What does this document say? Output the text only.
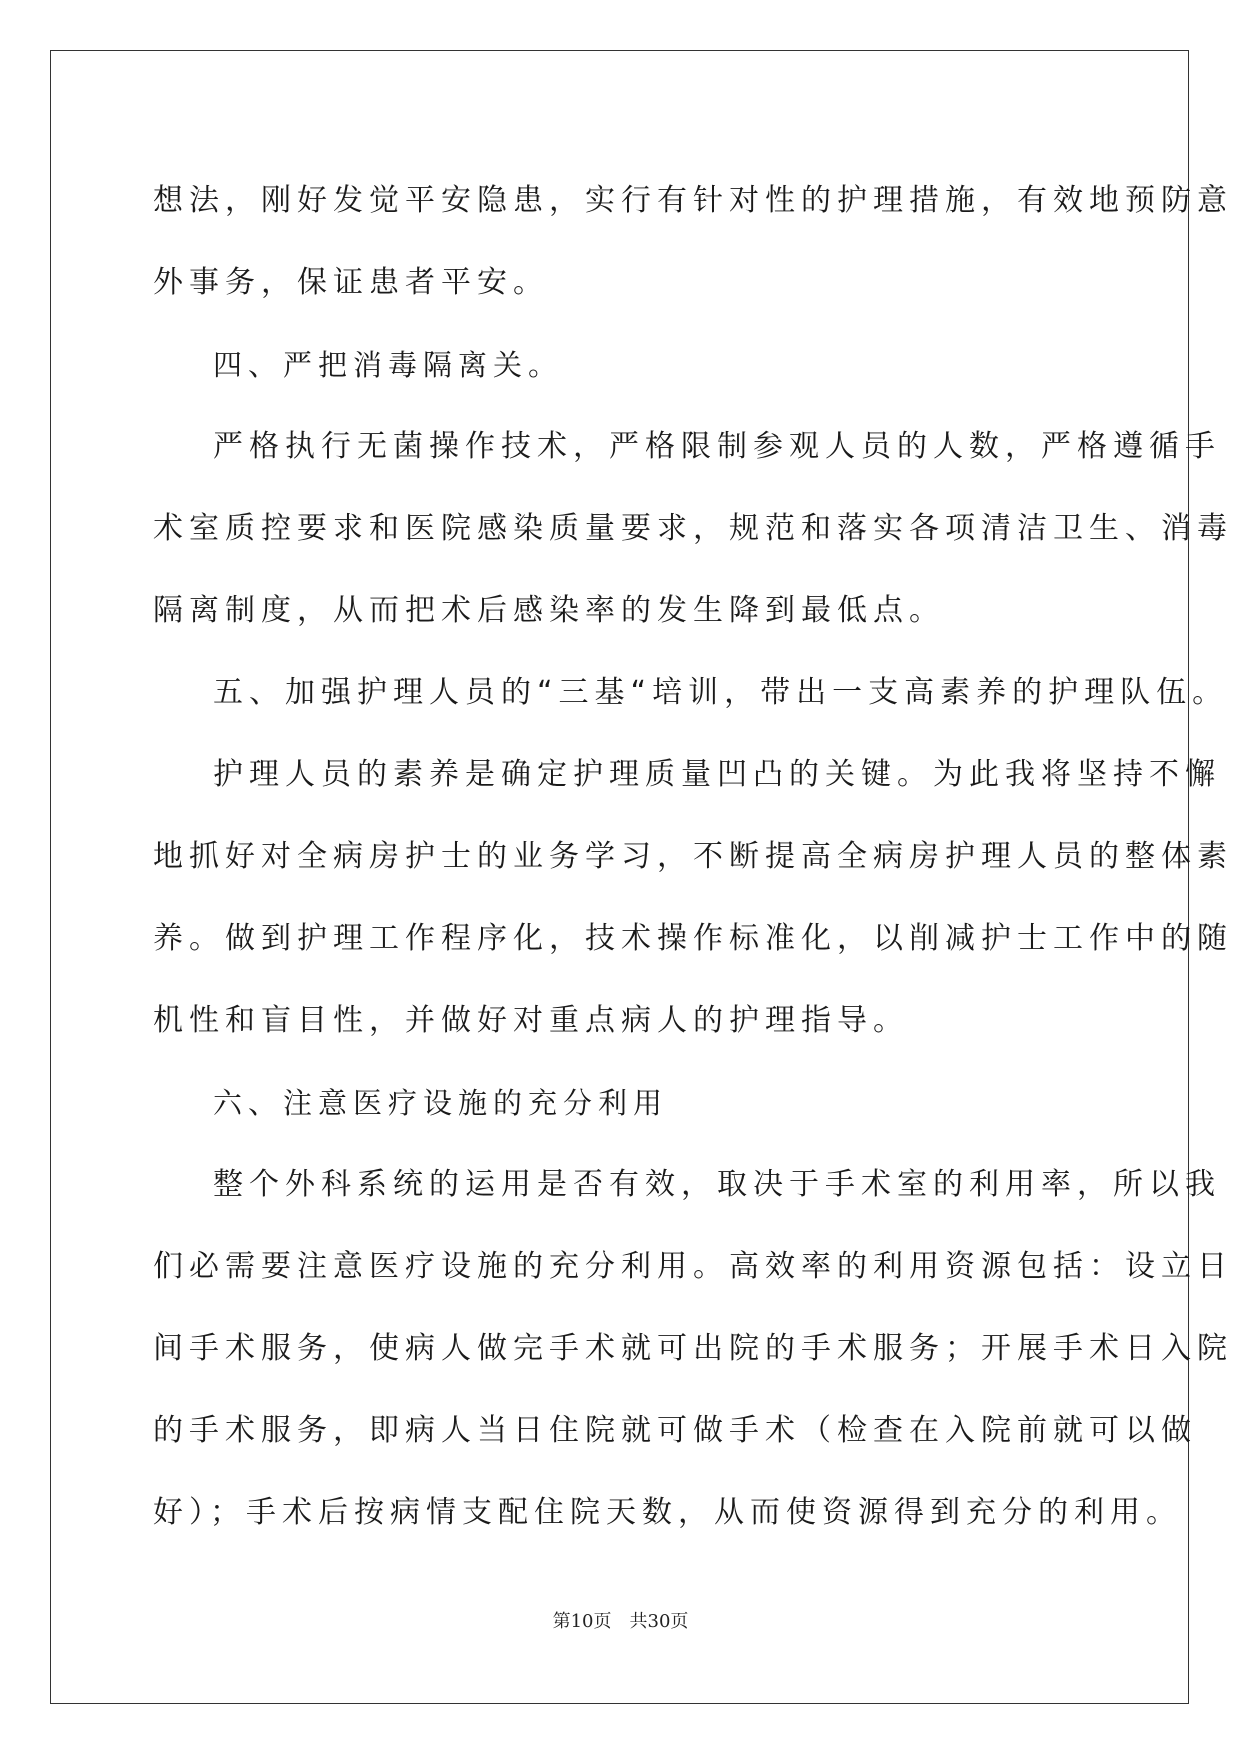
想法，刚好发觉平安隐患，实行有针对性的护理措施，有效地预防意
外事务，保证患者平安。
四、严把消毒隔离关。
严格执行无菌操作技术，严格限制参观人员的人数，严格遵循手
术室质控要求和医院感染质量要求，规范和落实各项清洁卫生、消毒
隔离制度，从而把术后感染率的发生降到最低点。
五、加强护理人员的“三基“培训，带出一支高素养的护理队伍。
护理人员的素养是确定护理质量凹凸的关键。为此我将坚持不懈
地抓好对全病房护士的业务学习，不断提高全病房护理人员的整体素
养。做到护理工作程序化，技术操作标准化，以削减护士工作中的随
机性和盲目性，并做好对重点病人的护理指导。
六、注意医疗设施的充分利用
整个外科系统的运用是否有效，取决于手术室的利用率，所以我
们必需要注意医疗设施的充分利用。高效率的利用资源包括：设立日
间手术服务，使病人做完手术就可出院的手术服务；开展手术日入院
的手术服务，即病人当日住院就可做手术（检查在入院前就可以做
好）；手术后按病情支配住院天数，从而使资源得到充分的利用。
第10页　共30页
